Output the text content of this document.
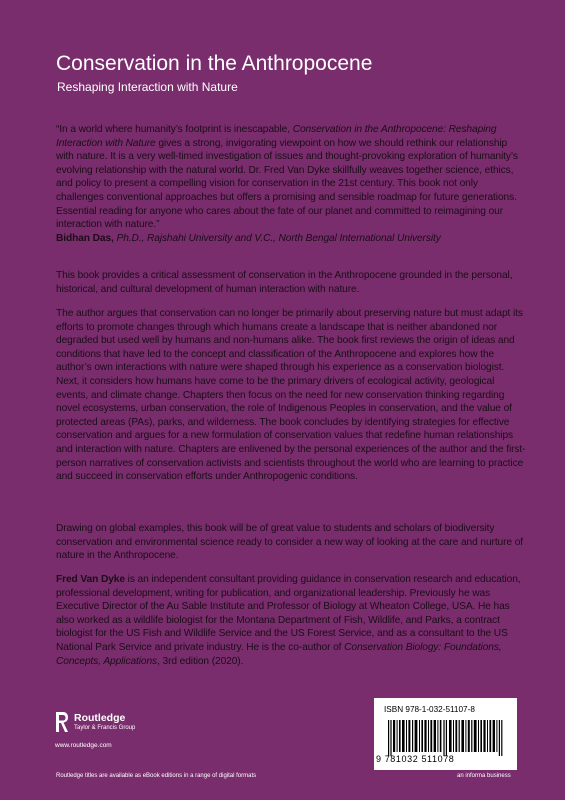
Conservation in the Anthropocene
Reshaping Interaction with Nature

“In a world where humanity’s footprint is inescapable, Conservation in the Anthropocene: Reshaping Interaction with Nature gives a strong, invigorating viewpoint on how we should rethink our relationship with nature. It is a very well-timed investigation of issues and thought-provoking exploration of humanity’s evolving relationship with the natural world. Dr. Fred Van Dyke skillfully weaves together science, ethics, and policy to present a compelling vision for conservation in the 21st century. This book not only challenges conventional approaches but offers a promising and sensible roadmap for future generations. Essential reading for anyone who cares about the fate of our planet and committed to reimagining our interaction with nature.”

Bidhan Das, Ph.D., Rajshahi University and V.C., North Bengal International University

This book provides a critical assessment of conservation in the Anthropocene grounded in the personal, historical, and cultural development of human interaction with nature.

The author argues that conservation can no longer be primarily about preserving nature but must adapt its efforts to promote changes through which humans create a landscape that is neither abandoned nor degraded but used well by humans and non-humans alike. The book first reviews the origin of ideas and conditions that have led to the concept and classification of the Anthropocene and explores how the author’s own interactions with nature were shaped through his experience as a conservation biologist. Next, it considers how humans have come to be the primary drivers of ecological activity, geological events, and climate change. Chapters then focus on the need for new conservation thinking regarding novel ecosystems, urban conservation, the role of Indigenous Peoples in conservation, and the value of protected areas (PAs), parks, and wilderness. The book concludes by identifying strategies for effective conservation and argues for a new formulation of conservation values that redefine human relationships and interaction with nature. Chapters are enlivened by the personal experiences of the author and the first-person narratives of conservation activists and scientists throughout the world who are learning to practice and succeed in conservation efforts under Anthropogenic conditions.

Drawing on global examples, this book will be of great value to students and scholars of biodiversity conservation and environmental science ready to consider a new way of looking at the care and nurture of nature in the Anthropocene.

Fred Van Dyke is an independent consultant providing guidance in conservation research and education, professional development, writing for publication, and organizational leadership. Previously he was Executive Director of the Au Sable Institute and Professor of Biology at Wheaton College, USA. He has also worked as a wildlife biologist for the Montana Department of Fish, Wildlife, and Parks, a contract biologist for the US Fish and Wildlife Service and the US Forest Service, and as a consultant to the US National Park Service and private industry. He is the co-author of Conservation Biology: Foundations, Concepts, Applications, 3rd edition (2020).

Routledge
Taylor & Francis Group
www.routledge.com
Routledge titles are available as eBook editions in a range of digital formats
ISBN 978-1-032-51107-8
9 781032 511078
an informa business
